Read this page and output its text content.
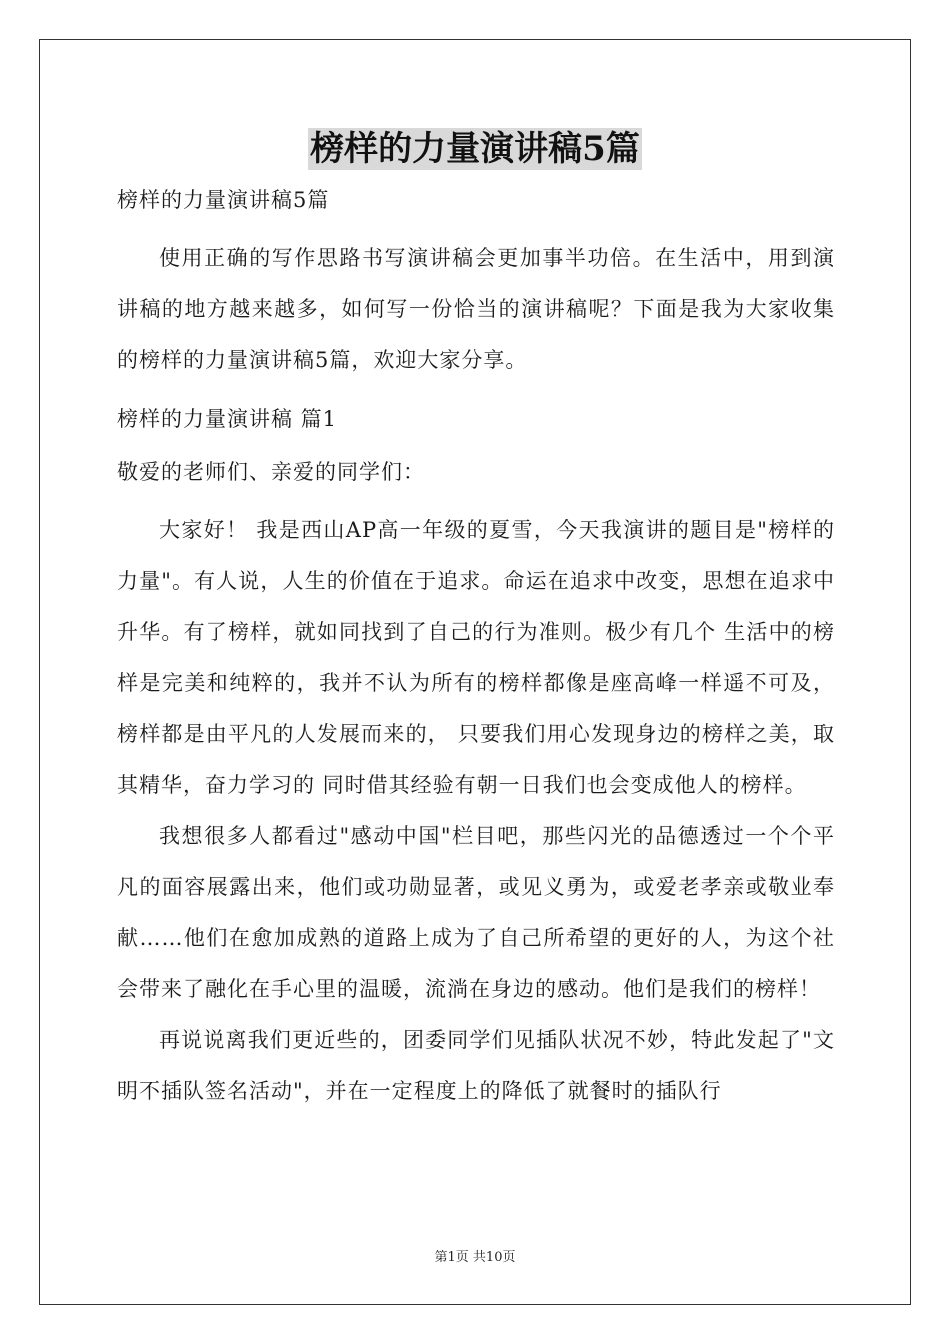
榜样的力量演讲稿5篇

榜样的力量演讲稿5篇

使用正确的写作思路书写演讲稿会更加事半功倍。在生活中，用到演讲稿的地方越来越多，如何写一份恰当的演讲稿呢？下面是我为大家收集的榜样的力量演讲稿5篇，欢迎大家分享。

榜样的力量演讲稿 篇1

敬爱的老师们、亲爱的同学们：

大家好！ 我是西山AP高一年级的夏雪，今天我演讲的题目是"榜样的力量"。有人说，人生的价值在于追求。命运在追求中改变，思想在追求中升华。有了榜样，就如同找到了自己的行为准则。极少有几个 生活中的榜样是完美和纯粹的，我并不认为所有的榜样都像是座高峰一样遥不可及，榜样都是由平凡的人发展而来的， 只要我们用心发现身边的榜样之美，取其精华，奋力学习的 同时借其经验有朝一日我们也会变成他人的榜样。

我想很多人都看过"感动中国"栏目吧，那些闪光的品德透过一个个平凡的面容展露出来，他们或功勋显著，或见义勇为，或爱老孝亲或敬业奉献……他们在愈加成熟的道路上成为了自己所希望的更好的人，为这个社会带来了融化在手心里的温暖，流淌在身边的感动。他们是我们的榜样！

再说说离我们更近些的，团委同学们见插队状况不妙，特此发起了"文明不插队签名活动"，并在一定程度上的降低了就餐时的插队行

第1页 共10页
